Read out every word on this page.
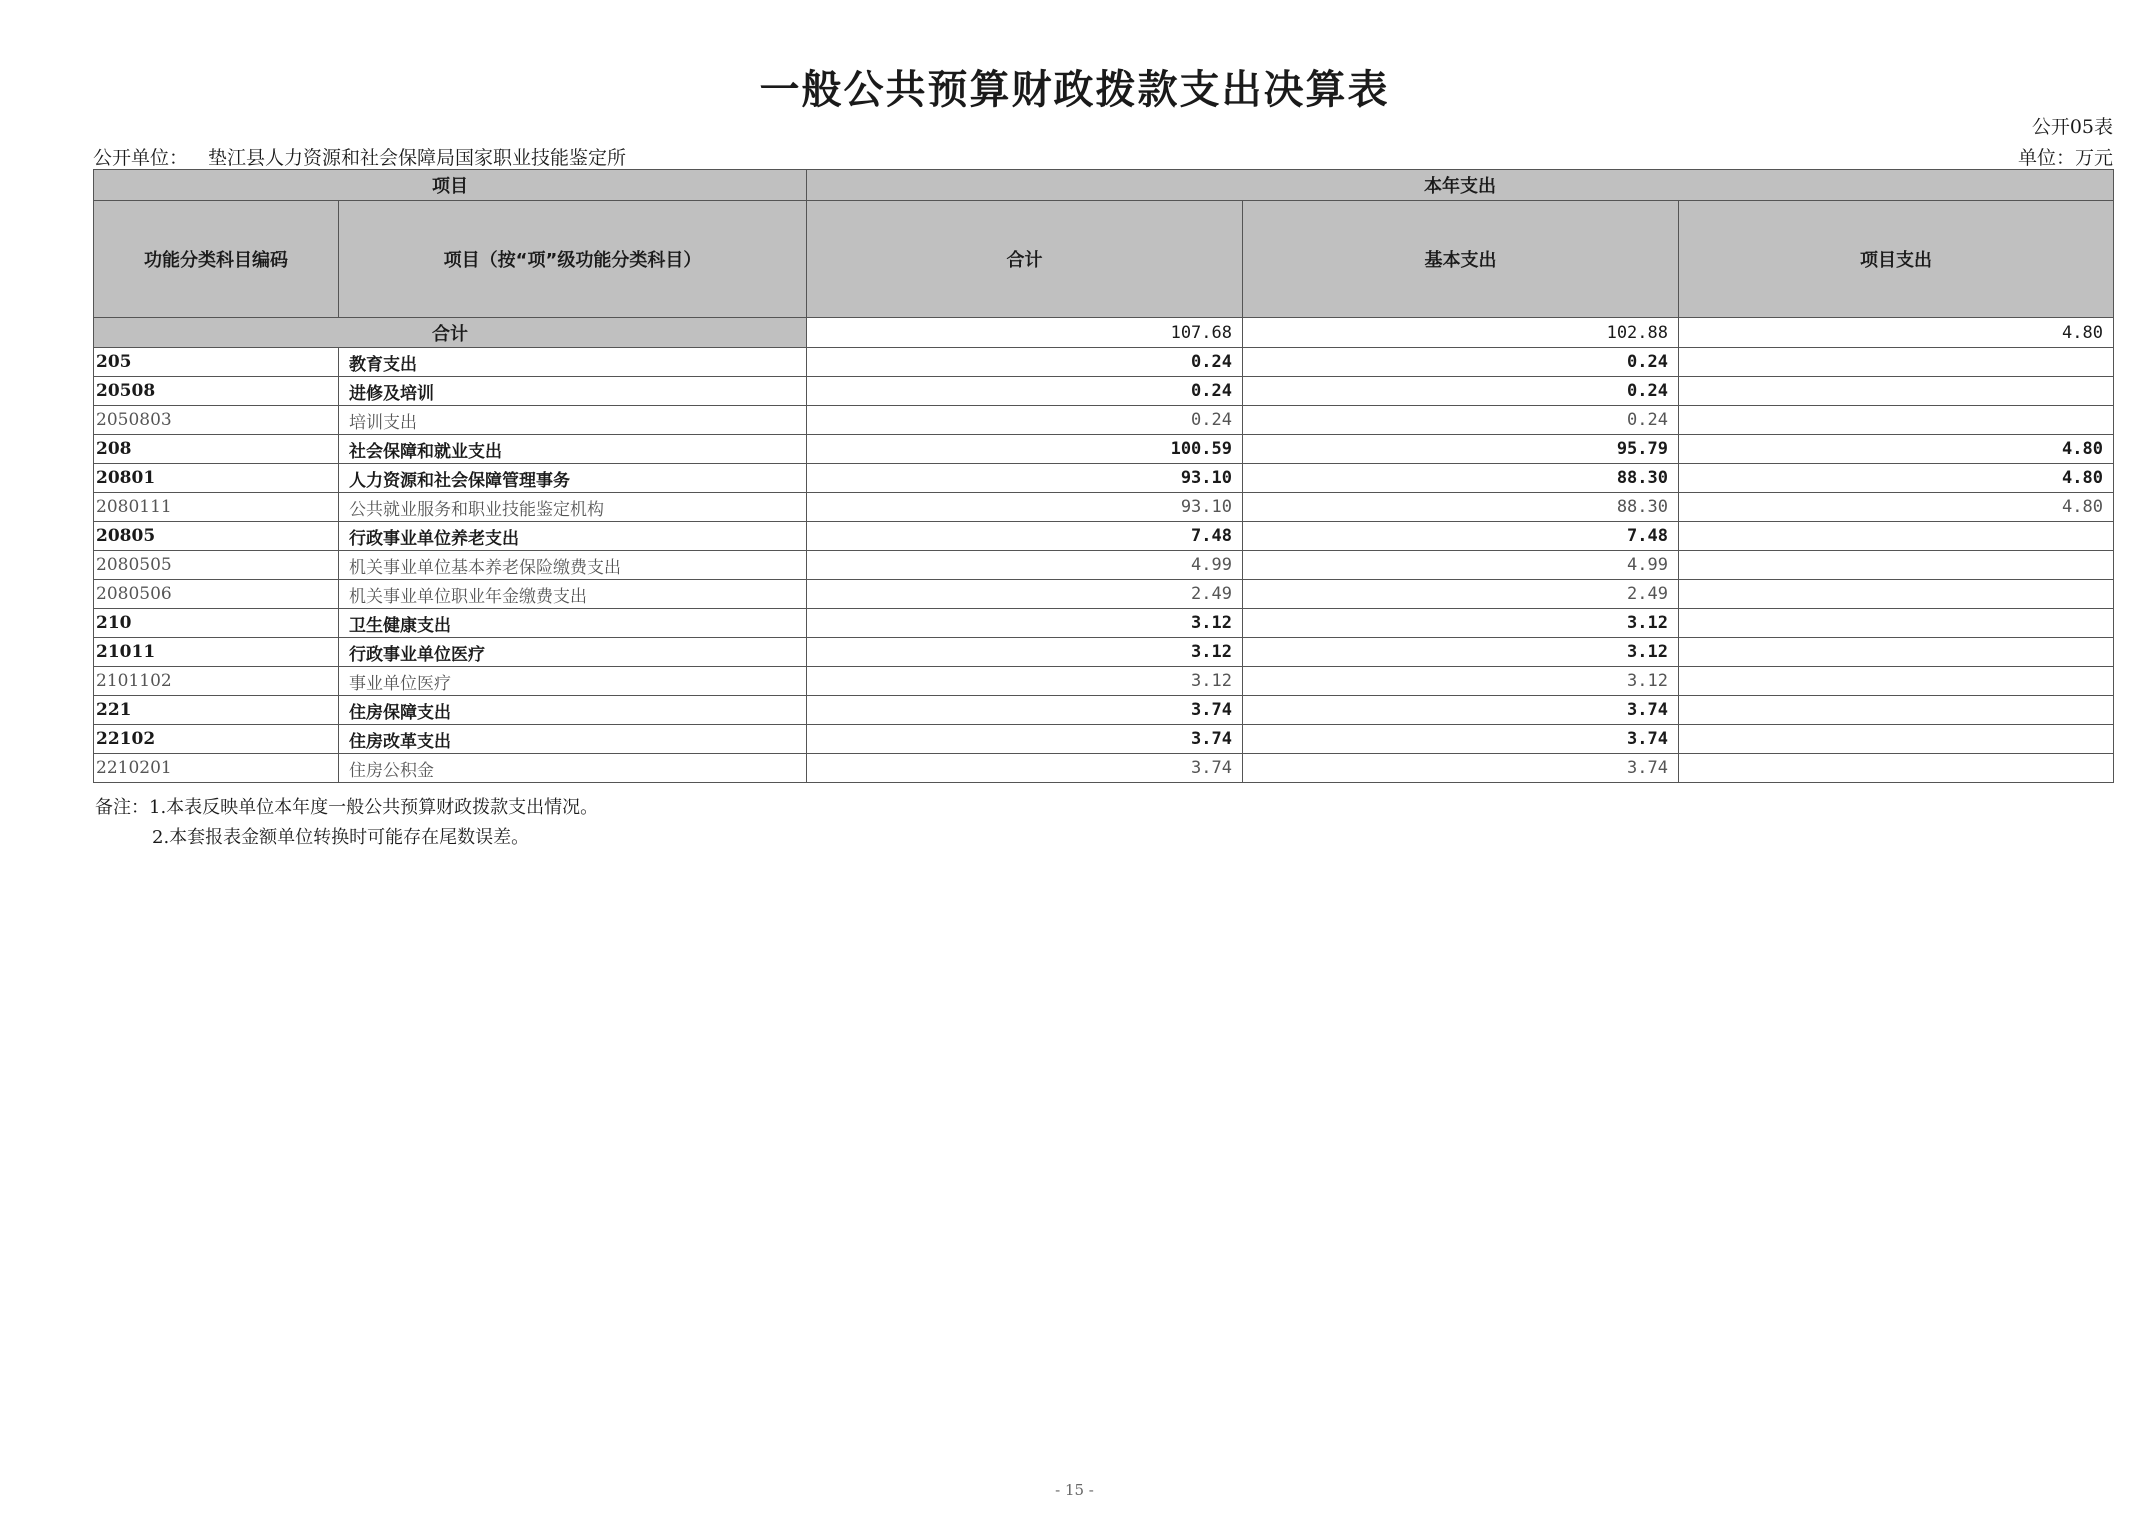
一般公共预算财政拨款支出决算表
公开05表
公开单位： 垫江县人力资源和社会保障局国家职业技能鉴定所	单位：万元
项目		本年支出		
功能分类科目编码	项目（按“项”级功能分类科目）	合计	基本支出	项目支出
合计		107.68	102.88	4.80
205	教育支出	0.24	0.24	
20508	进修及培训	0.24	0.24	
2050803	培训支出	0.24	0.24	
208	社会保障和就业支出	100.59	95.79	4.80
20801	人力资源和社会保障管理事务	93.10	88.30	4.80
2080111	公共就业服务和职业技能鉴定机构	93.10	88.30	4.80
20805	行政事业单位养老支出	7.48	7.48	
2080505	机关事业单位基本养老保险缴费支出	4.99	4.99	
2080506	机关事业单位职业年金缴费支出	2.49	2.49	
210	卫生健康支出	3.12	3.12	
21011	行政事业单位医疗	3.12	3.12	
2101102	事业单位医疗	3.12	3.12	
221	住房保障支出	3.74	3.74	
22102	住房改革支出	3.74	3.74	
2210201	住房公积金	3.74	3.74	
备注：1.本表反映单位本年度一般公共预算财政拨款支出情况。
2.本套报表金额单位转换时可能存在尾数误差。
- 15 -
